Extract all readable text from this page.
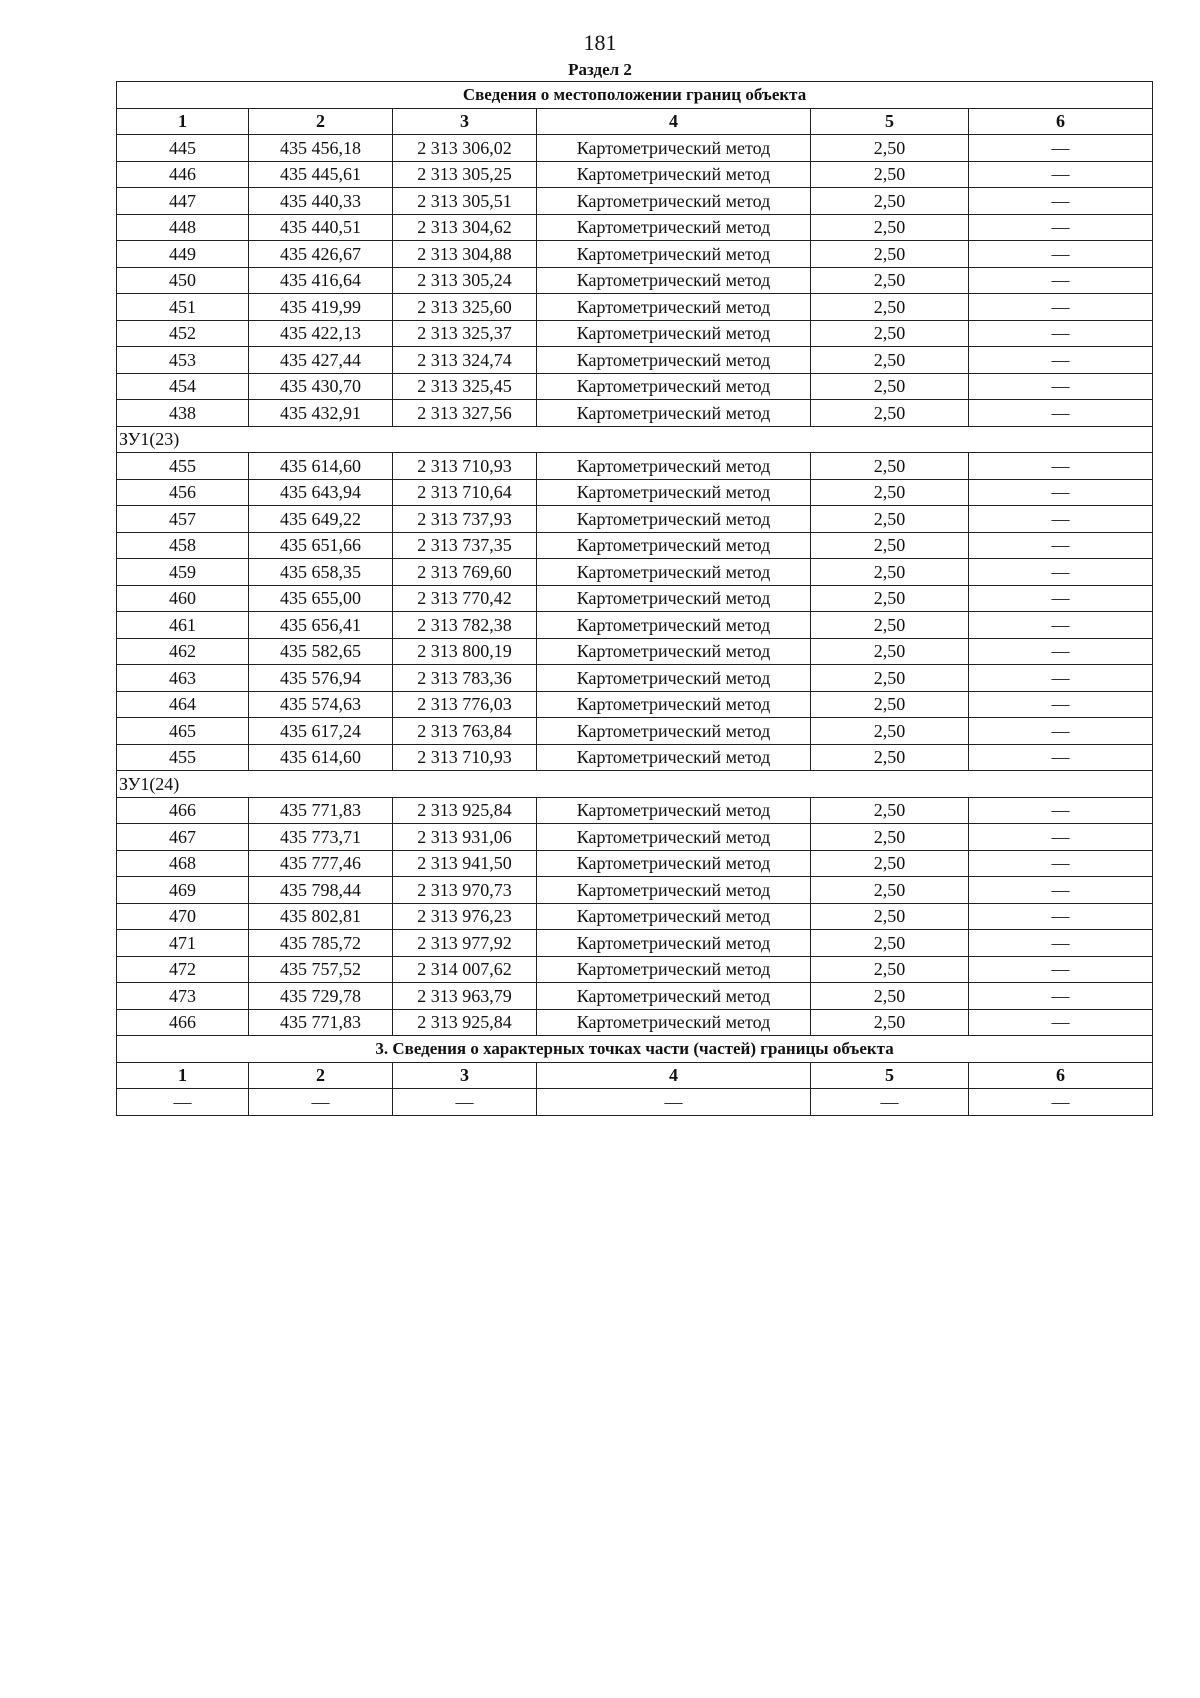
181
Раздел 2
Сведения о местоположении границ объекта					
1	2	3	4	5	6
445	435 456,18	2 313 306,02	Картометрический метод	2,50	—
446	435 445,61	2 313 305,25	Картометрический метод	2,50	—
447	435 440,33	2 313 305,51	Картометрический метод	2,50	—
448	435 440,51	2 313 304,62	Картометрический метод	2,50	—
449	435 426,67	2 313 304,88	Картометрический метод	2,50	—
450	435 416,64	2 313 305,24	Картометрический метод	2,50	—
451	435 419,99	2 313 325,60	Картометрический метод	2,50	—
452	435 422,13	2 313 325,37	Картометрический метод	2,50	—
453	435 427,44	2 313 324,74	Картометрический метод	2,50	—
454	435 430,70	2 313 325,45	Картометрический метод	2,50	—
438	435 432,91	2 313 327,56	Картометрический метод	2,50	—
ЗУ1(23)					
455	435 614,60	2 313 710,93	Картометрический метод	2,50	—
456	435 643,94	2 313 710,64	Картометрический метод	2,50	—
457	435 649,22	2 313 737,93	Картометрический метод	2,50	—
458	435 651,66	2 313 737,35	Картометрический метод	2,50	—
459	435 658,35	2 313 769,60	Картометрический метод	2,50	—
460	435 655,00	2 313 770,42	Картометрический метод	2,50	—
461	435 656,41	2 313 782,38	Картометрический метод	2,50	—
462	435 582,65	2 313 800,19	Картометрический метод	2,50	—
463	435 576,94	2 313 783,36	Картометрический метод	2,50	—
464	435 574,63	2 313 776,03	Картометрический метод	2,50	—
465	435 617,24	2 313 763,84	Картометрический метод	2,50	—
455	435 614,60	2 313 710,93	Картометрический метод	2,50	—
ЗУ1(24)					
466	435 771,83	2 313 925,84	Картометрический метод	2,50	—
467	435 773,71	2 313 931,06	Картометрический метод	2,50	—
468	435 777,46	2 313 941,50	Картометрический метод	2,50	—
469	435 798,44	2 313 970,73	Картометрический метод	2,50	—
470	435 802,81	2 313 976,23	Картометрический метод	2,50	—
471	435 785,72	2 313 977,92	Картометрический метод	2,50	—
472	435 757,52	2 314 007,62	Картометрический метод	2,50	—
473	435 729,78	2 313 963,79	Картометрический метод	2,50	—
466	435 771,83	2 313 925,84	Картометрический метод	2,50	—
3. Сведения о характерных точках части (частей) границы объекта					
1	2	3	4	5	6
—	—	—	—	—	—
